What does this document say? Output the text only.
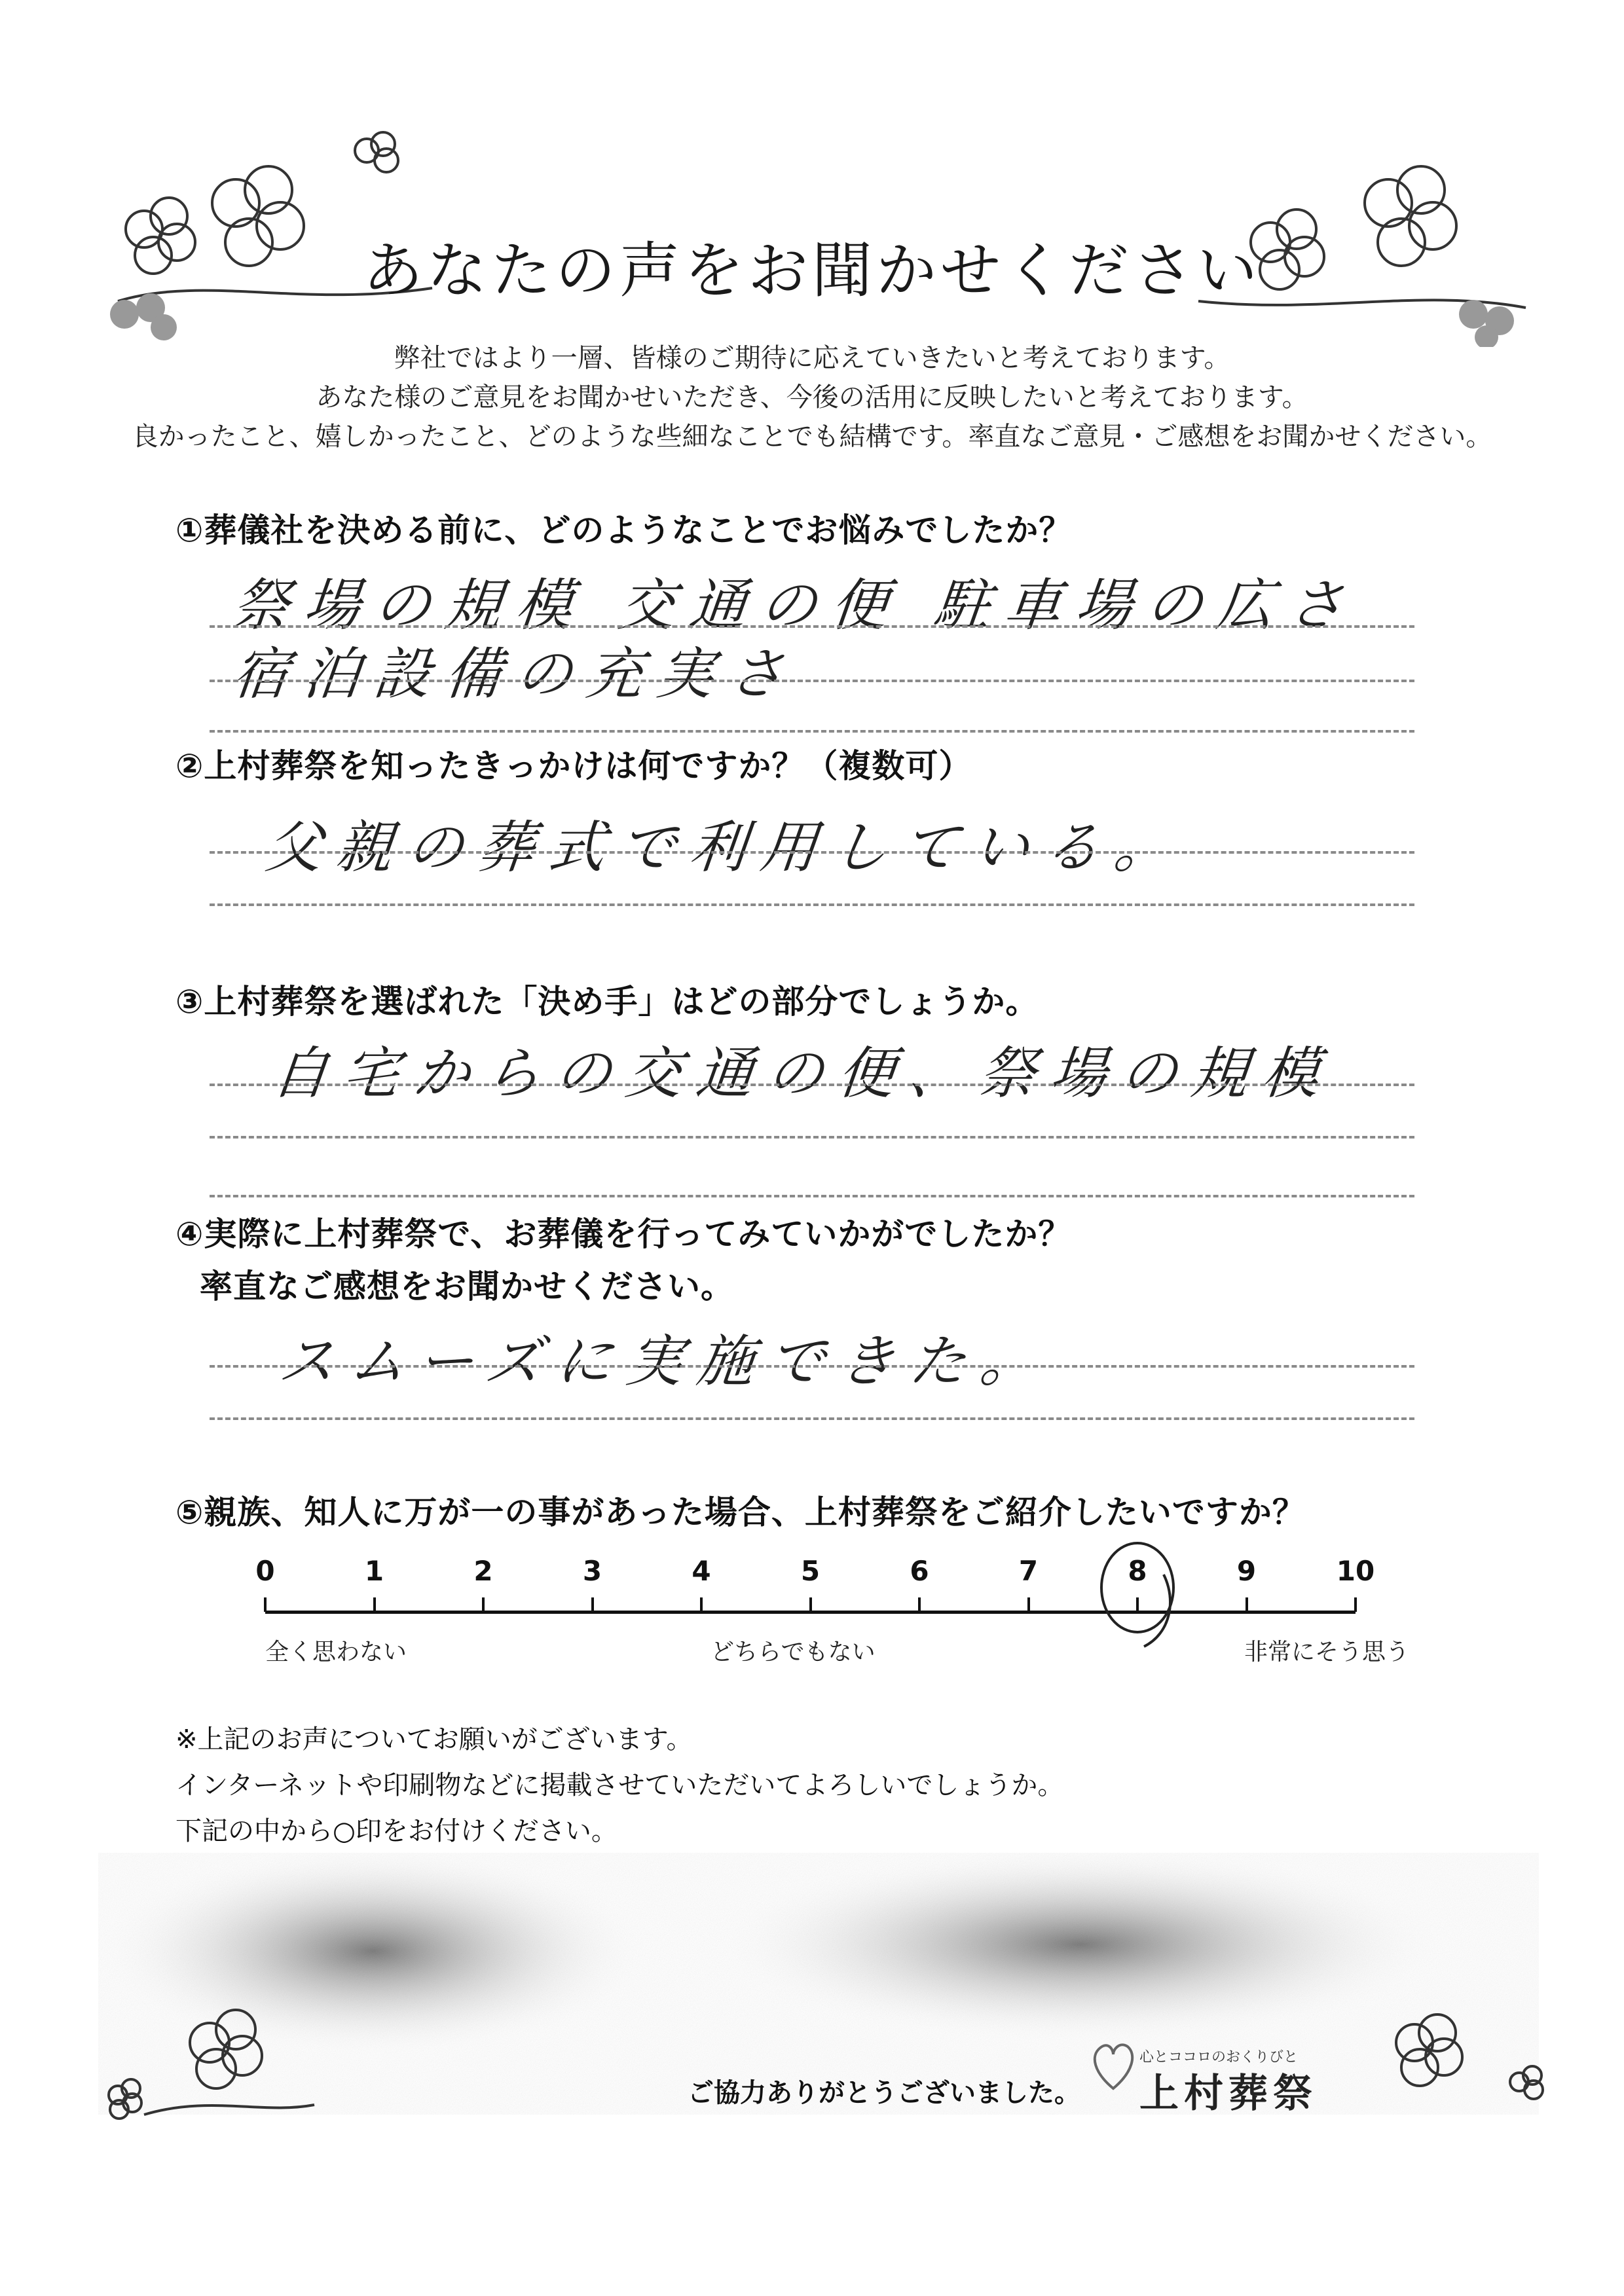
あなたの声をお聞かせください
弊社ではより一層、皆様のご期待に応えていきたいと考えております。
あなた様のご意見をお聞かせいただき、今後の活用に反映したいと考えております。
良かったこと、嬉しかったこと、どのような些細なことでも結構です。率直なご意見・ご感想をお聞かせください。
①葬儀社を決める前に、どのようなことでお悩みでしたか？
祭場の規模 交通の便 駐車場の広さ
宿泊設備の充実さ
②上村葬祭を知ったきっかけは何ですか？（複数可）
父親の葬式で利用している。
③上村葬祭を選ばれた「決め手」はどの部分でしょうか。
自宅からの交通の便、祭場の規模
④実際に上村葬祭で、お葬儀を行ってみていかがでしたか？
率直なご感想をお聞かせください。
スムーズに実施できた。
⑤親族、知人に万が一の事があった場合、上村葬祭をご紹介したいですか？
0	1	2	3	4	5	6	7	8	9	10
全く思わない	どちらでもない	非常にそう思う
※上記のお声についてお願いがございます。
インターネットや印刷物などに掲載させていただいてよろしいでしょうか。
下記の中から○印をお付けください。
ご協力ありがとうございました。
心とココロのおくりびと
上村葬祭
